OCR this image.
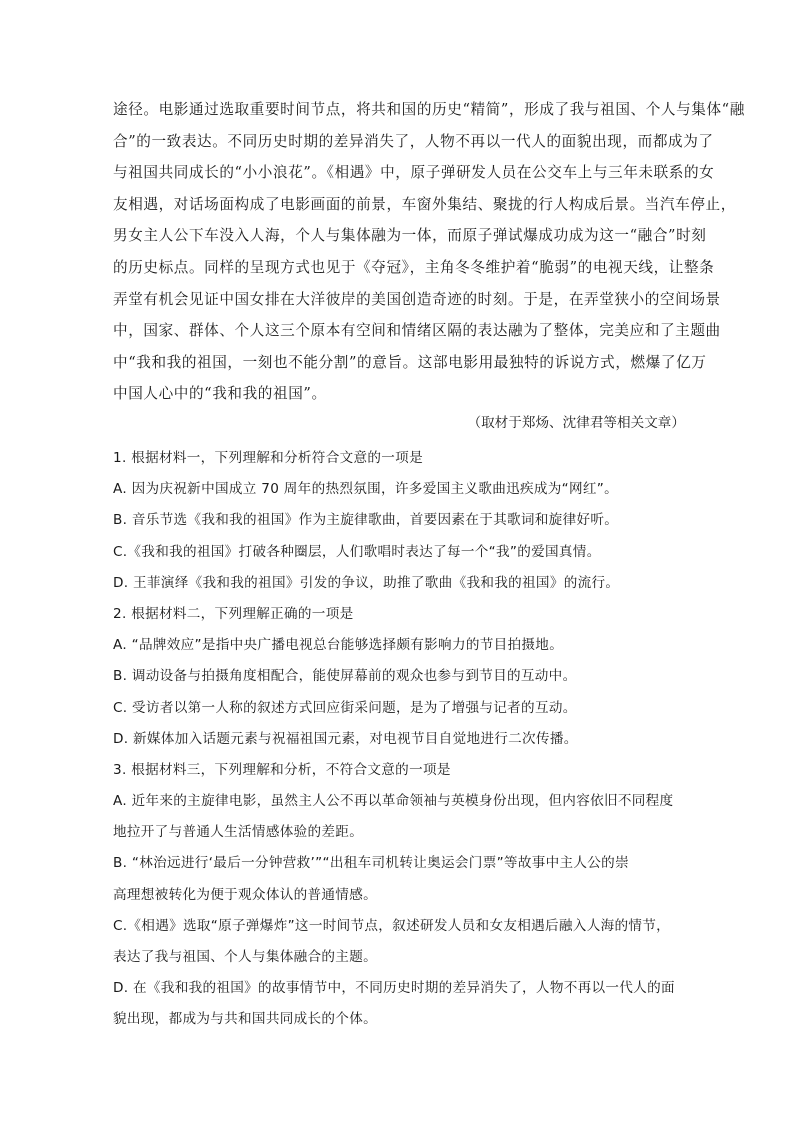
途径。电影通过选取重要时间节点，将共和国的历史“精简”，形成了我与祖国、个人与集体“融
合”的一致表达。不同历史时期的差异消失了，人物不再以一代人的面貌出现，而都成为了
与祖国共同成长的“小小浪花”。《相遇》中，原子弹研发人员在公交车上与三年未联系的女
友相遇，对话场面构成了电影画面的前景，车窗外集结、聚拢的行人构成后景。当汽车停止，
男女主人公下车没入人海，个人与集体融为一体，而原子弹试爆成功成为这一“融合”时刻
的历史标点。同样的呈现方式也见于《夺冠》，主角冬冬维护着“脆弱”的电视天线，让整条
弄堂有机会见证中国女排在大洋彼岸的美国创造奇迹的时刻。于是，在弄堂狭小的空间场景
中，国家、群体、个人这三个原本有空间和情绪区隔的表达融为了整体，完美应和了主题曲
中“我和我的祖国，一刻也不能分割”的意旨。这部电影用最独特的诉说方式，燃爆了亿万
中国人心中的“我和我的祖国”。
（取材于郑炀、沈律君等相关文章）
1. 根据材料一，下列理解和分析符合文意的一项是
A. 因为庆祝新中国成立 70 周年的热烈氛围，许多爱国主义歌曲迅疾成为“网红”。
B. 音乐节选《我和我的祖国》作为主旋律歌曲，首要因素在于其歌词和旋律好听。
C.《我和我的祖国》打破各种圈层，人们歌唱时表达了每一个“我”的爱国真情。
D. 王菲演绎《我和我的祖国》引发的争议，助推了歌曲《我和我的祖国》的流行。
2. 根据材料二，下列理解正确的一项是
A. “品牌效应”是指中央广播电视总台能够选择颇有影响力的节目拍摄地。
B. 调动设备与拍摄角度相配合，能使屏幕前的观众也参与到节目的互动中。
C. 受访者以第一人称的叙述方式回应街采问题，是为了增强与记者的互动。
D. 新媒体加入话题元素与祝福祖国元素，对电视节目自觉地进行二次传播。
3. 根据材料三，下列理解和分析，不符合文意的一项是
A. 近年来的主旋律电影，虽然主人公不再以革命领袖与英模身份出现，但内容依旧不同程度
地拉开了与普通人生活情感体验的差距。
B. “林治远进行‘最后一分钟营救’”“出租车司机转让奥运会门票”等故事中主人公的崇
高理想被转化为便于观众体认的普通情感。
C.《相遇》选取“原子弹爆炸”这一时间节点，叙述研发人员和女友相遇后融入人海的情节，
表达了我与祖国、个人与集体融合的主题。
D. 在《我和我的祖国》的故事情节中，不同历史时期的差异消失了，人物不再以一代人的面
貌出现，都成为与共和国共同成长的个体。
